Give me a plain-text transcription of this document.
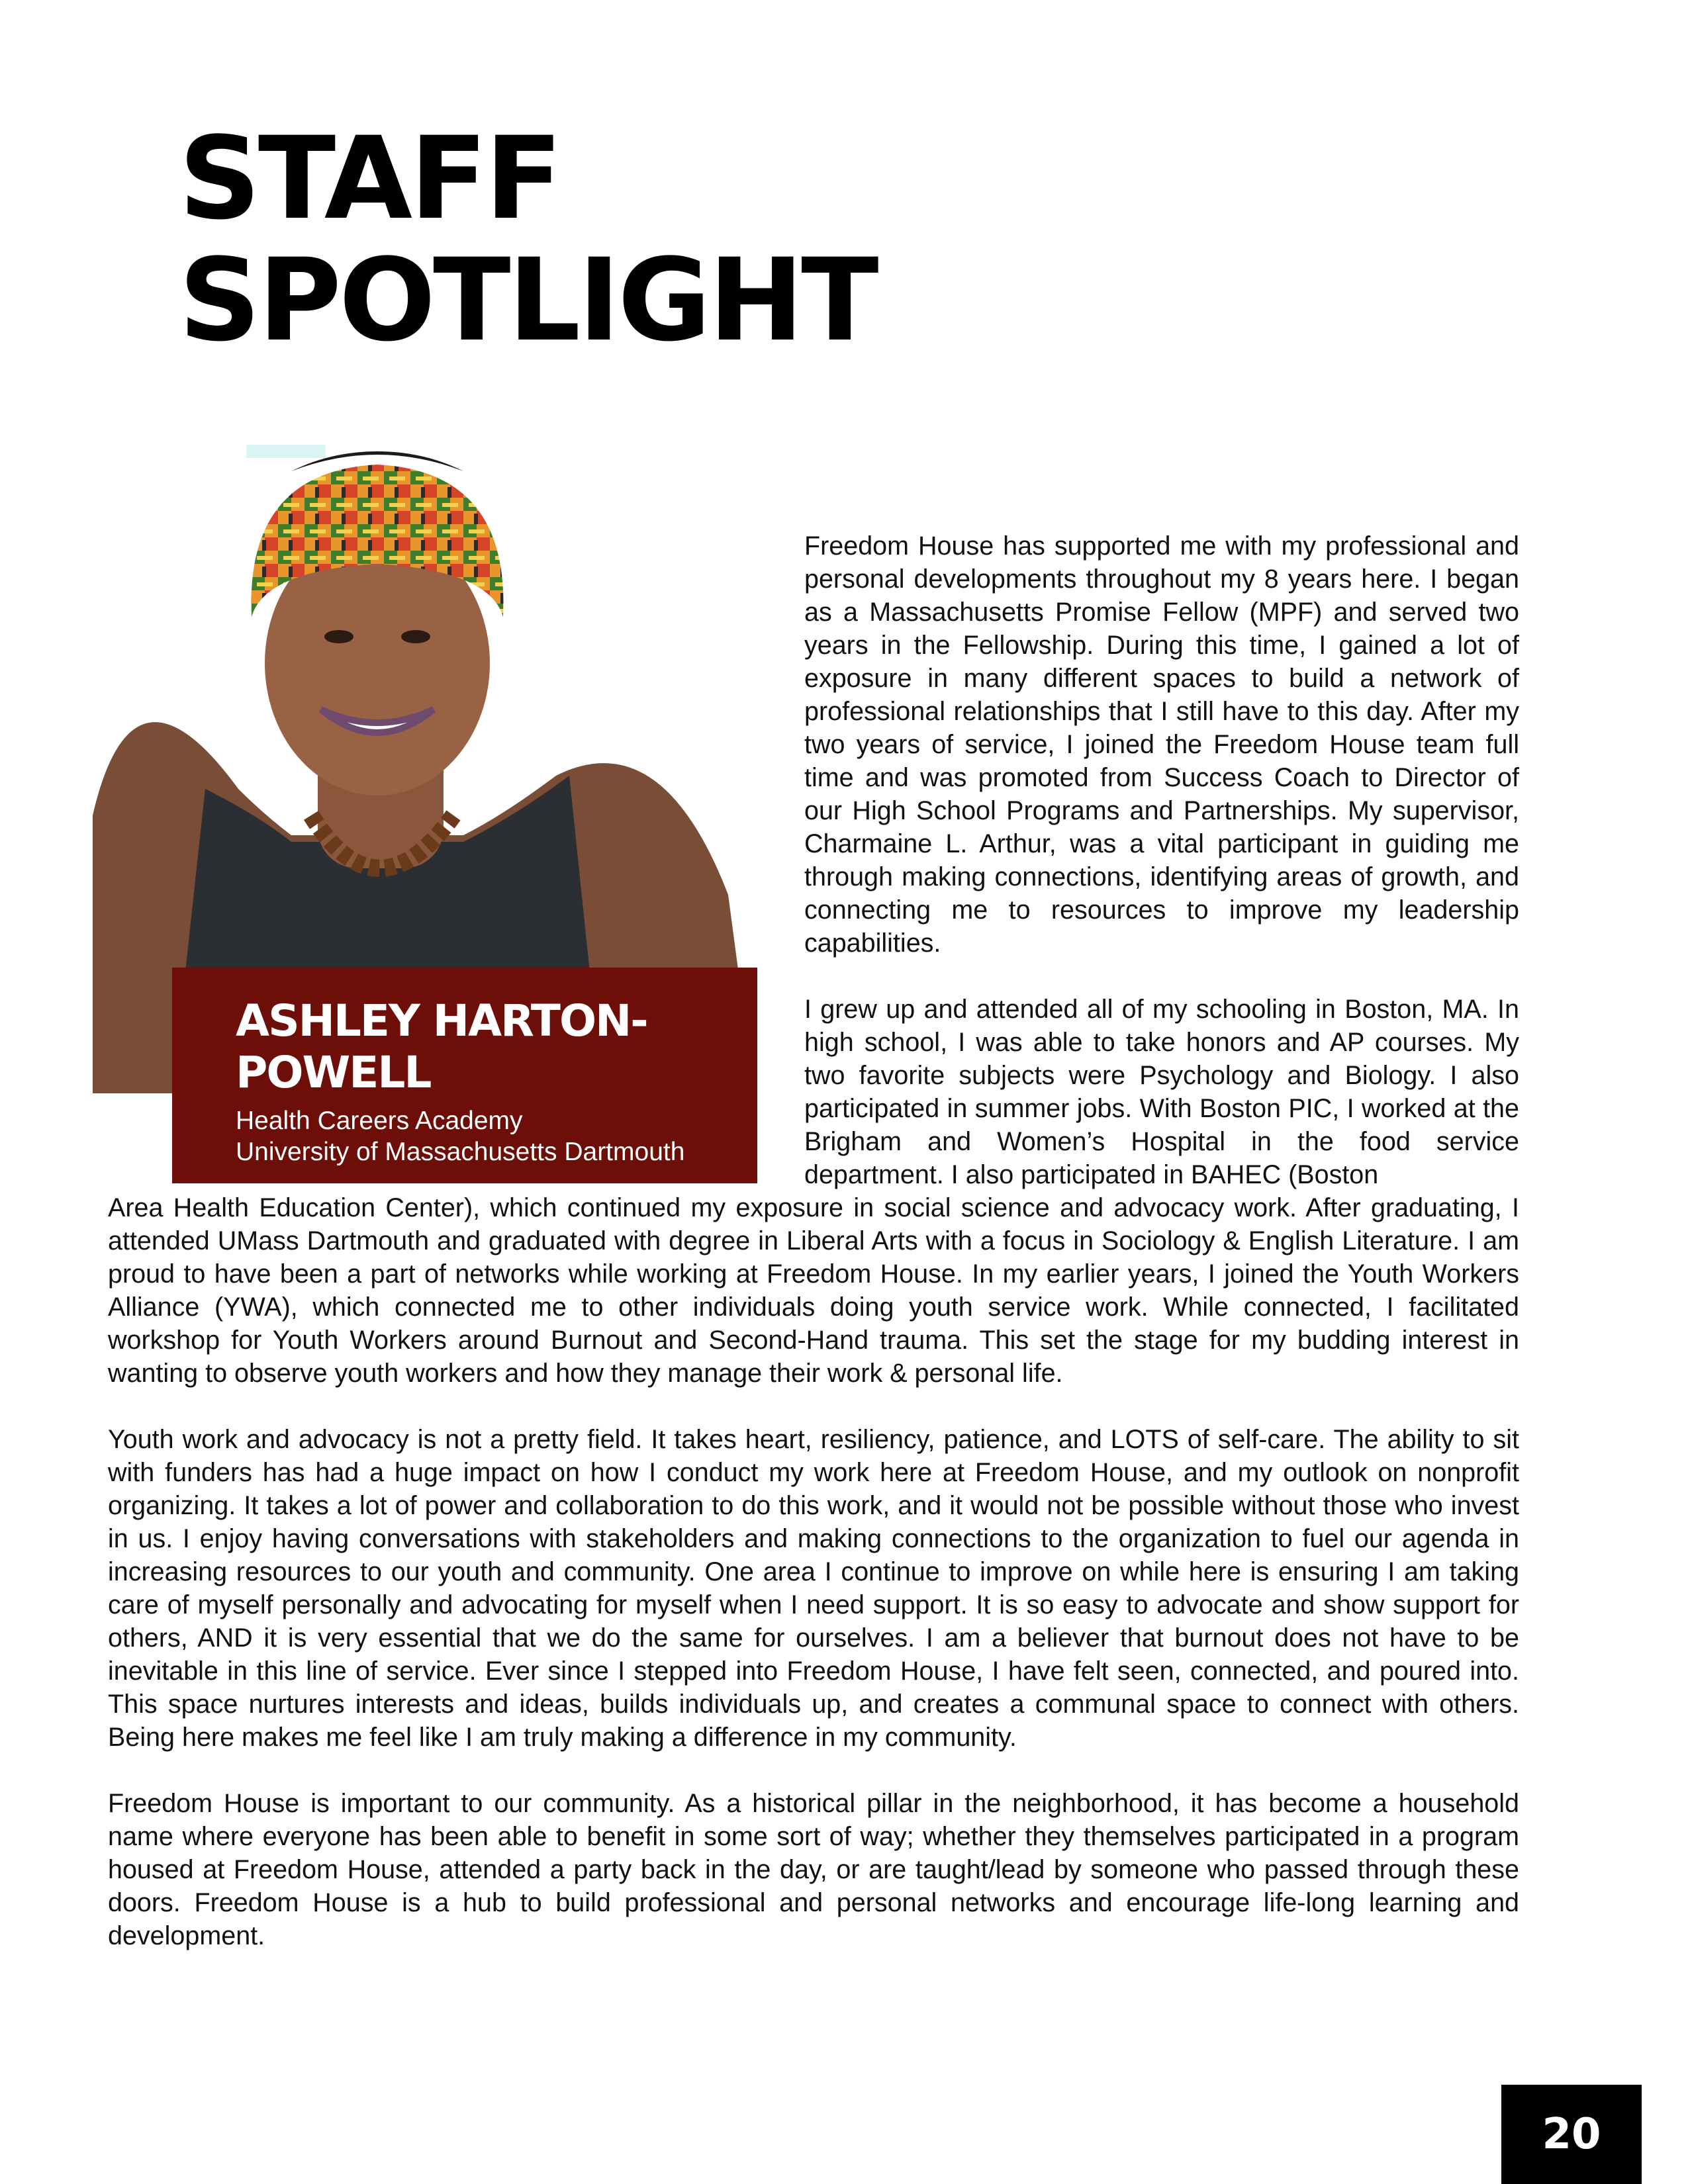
STAFF
SPOTLIGHT
ASHLEY HARTON-
POWELL
Health Careers Academy
University of Massachusetts Dartmouth

Freedom House has supported me with my professional and personal developments throughout my 8 years here. I began as a Massachusetts Promise Fellow (MPF) and served two years in the Fellowship. During this time, I gained a lot of exposure in many different spaces to build a network of professional relationships that I still have to this day. After my two years of service, I joined the Freedom House team full time and was promoted from Success Coach to Director of our High School Programs and Partnerships. My supervisor, Charmaine L. Arthur, was a vital participant in guiding me through making connections, identifying areas of growth, and connecting me to resources to improve my leadership capabilities.

I grew up and attended all of my schooling in Boston, MA. In high school, I was able to take honors and AP courses. My two favorite subjects were Psychology and Biology. I also participated in summer jobs. With Boston PIC, I worked at the Brigham and Women’s Hospital in the food service department. I also participated in BAHEC (Boston

Area Health Education Center), which continued my exposure in social science and advocacy work. After graduating, I attended UMass Dartmouth and graduated with degree in Liberal Arts with a focus in Sociology & English Literature. I am proud to have been a part of networks while working at Freedom House. In my earlier years, I joined the Youth Workers Alliance (YWA), which connected me to other individuals doing youth service work. While connected, I facilitated workshop for Youth Workers around Burnout and Second-Hand trauma. This set the stage for my budding interest in wanting to observe youth workers and how they manage their work & personal life.

Youth work and advocacy is not a pretty field. It takes heart, resiliency, patience, and LOTS of self-care. The ability to sit with funders has had a huge impact on how I conduct my work here at Freedom House, and my outlook on nonprofit organizing. It takes a lot of power and collaboration to do this work, and it would not be possible without those who invest in us. I enjoy having conversations with stakeholders and making connections to the organization to fuel our agenda in increasing resources to our youth and community. One area I continue to improve on while here is ensuring I am taking care of myself personally and advocating for myself when I need support. It is so easy to advocate and show support for others, AND it is very essential that we do the same for ourselves. I am a believer that burnout does not have to be inevitable in this line of service. Ever since I stepped into Freedom House, I have felt seen, connected, and poured into. This space nurtures interests and ideas, builds individuals up, and creates a communal space to connect with others. Being here makes me feel like I am truly making a difference in my community.

Freedom House is important to our community. As a historical pillar in the neighborhood, it has become a household name where everyone has been able to benefit in some sort of way; whether they themselves participated in a program housed at Freedom House, attended a party back in the day, or are taught/lead by someone who passed through these doors. Freedom House is a hub to build professional and personal networks and encourage life-long learning and development.

20
